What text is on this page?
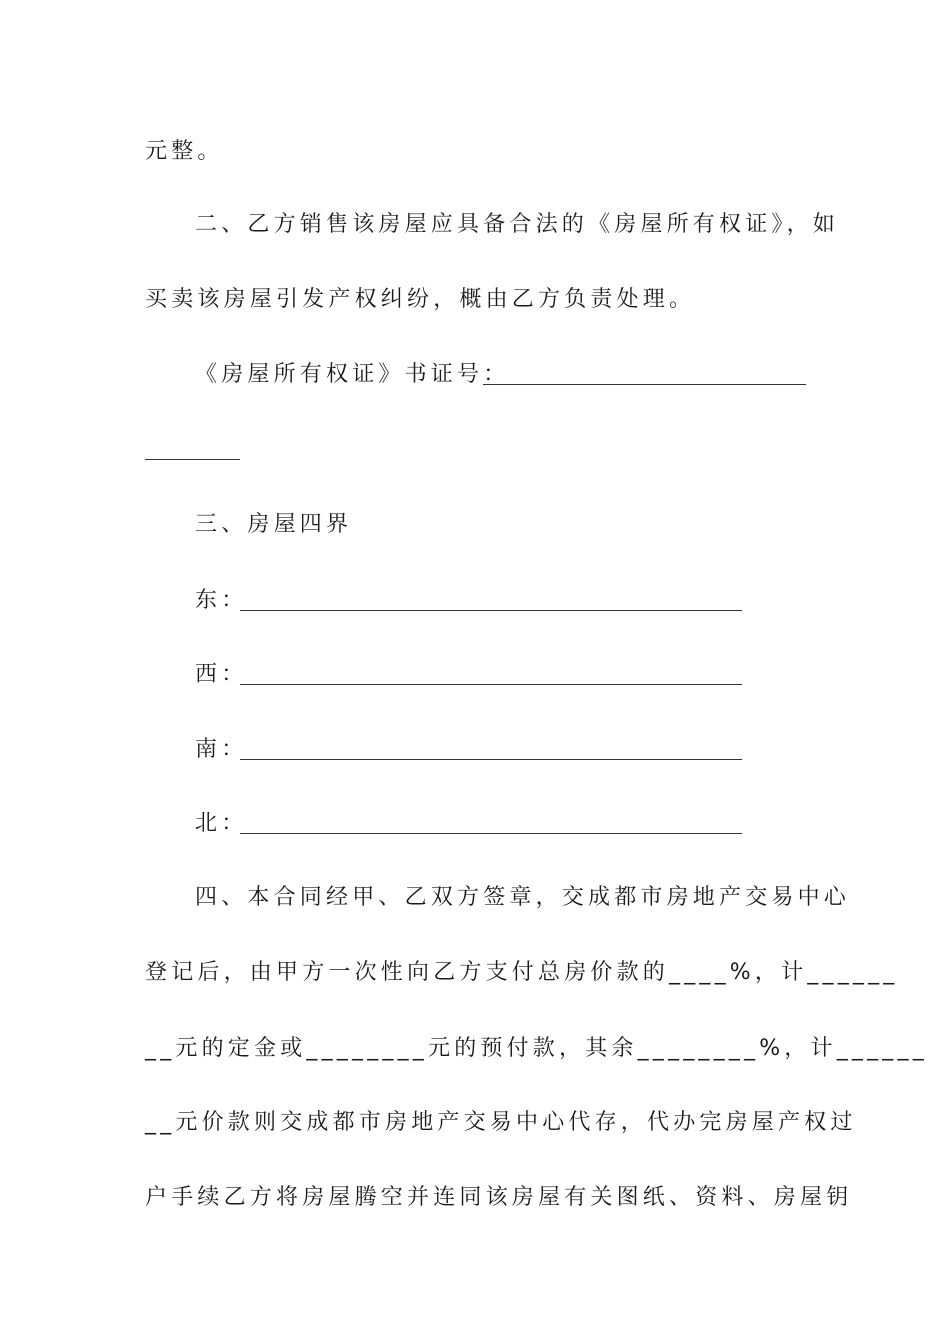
元整。
二、乙方销售该房屋应具备合法的《房屋所有权证》，如
买卖该房屋引发产权纠纷，概由乙方负责处理。
《房屋所有权证》书证号：
三、房屋四界
东：
西：
南：
北：
四、本合同经甲、乙双方签章，交成都市房地产交易中心
登记后，由甲方一次性向乙方支付总房价款的____%，计______
__元的定金或________元的预付款，其余________%，计______
__元价款则交成都市房地产交易中心代存，代办完房屋产权过
户手续乙方将房屋腾空并连同该房屋有关图纸、资料、房屋钥
